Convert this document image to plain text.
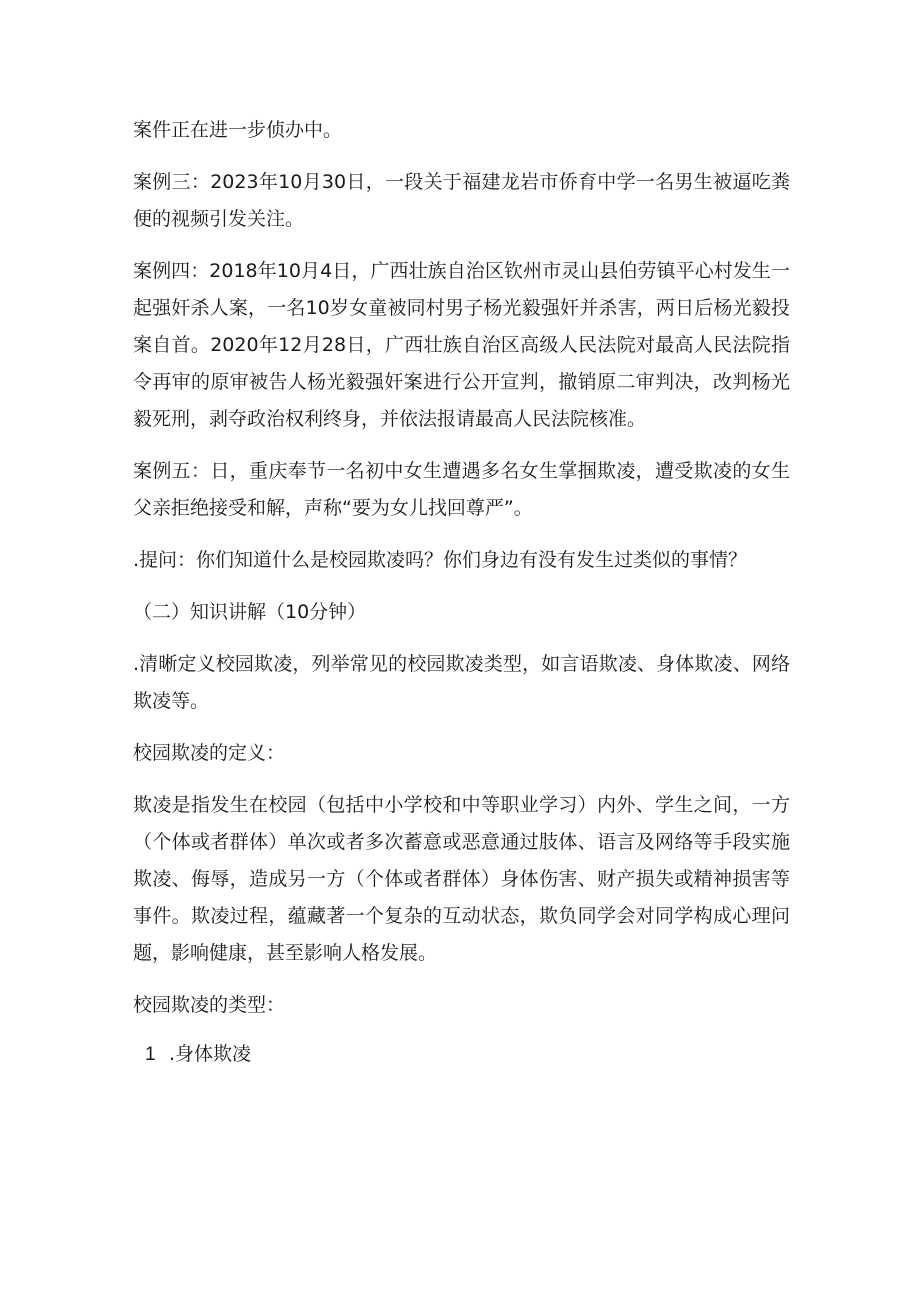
案件正在进一步侦办中。

案例三：2023年10月30日，一段关于福建龙岩市侨育中学一名男生被逼吃粪便的视频引发关注。

案例四：2018年10月4日，广西壮族自治区钦州市灵山县伯劳镇平心村发生一起强奸杀人案，一名10岁女童被同村男子杨光毅强奸并杀害，两日后杨光毅投案自首。2020年12月28日，广西壮族自治区高级人民法院对最高人民法院指令再审的原审被告人杨光毅强奸案进行公开宣判，撤销原二审判决，改判杨光毅死刑，剥夺政治权利终身，并依法报请最高人民法院核准。

案例五：日，重庆奉节一名初中女生遭遇多名女生掌掴欺凌，遭受欺凌的女生父亲拒绝接受和解，声称“要为女儿找回尊严”。

.提问：你们知道什么是校园欺凌吗？你们身边有没有发生过类似的事情？

（二）知识讲解（10分钟）

.清晰定义校园欺凌，列举常见的校园欺凌类型，如言语欺凌、身体欺凌、网络欺凌等。

校园欺凌的定义：

欺凌是指发生在校园（包括中小学校和中等职业学习）内外、学生之间，一方（个体或者群体）单次或者多次蓄意或恶意通过肢体、语言及网络等手段实施欺凌、侮辱，造成另一方（个体或者群体）身体伤害、财产损失或精神损害等事件。欺凌过程，蕴藏著一个复杂的互动状态，欺负同学会对同学构成心理问题，影响健康，甚至影响人格发展。

校园欺凌的类型：

1 .身体欺凌
